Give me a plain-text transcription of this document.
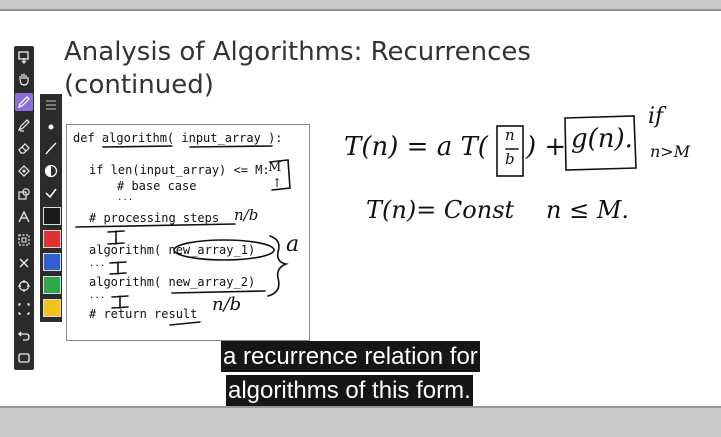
Analysis of Algorithms: Recurrences
(continued)
def algorithm( input_array ):
if len(input_array) <= M:
# base case
...
# processing steps
algorithm( new_array_1)
...
algorithm( new_array_2)
...
# return result
T(n) = a T( n
b ) + g(n).
if
n>M
T(n)= Const n ≤ M.
n/b
n/b
a
M
↑
a recurrence relation for
algorithms of this form.
